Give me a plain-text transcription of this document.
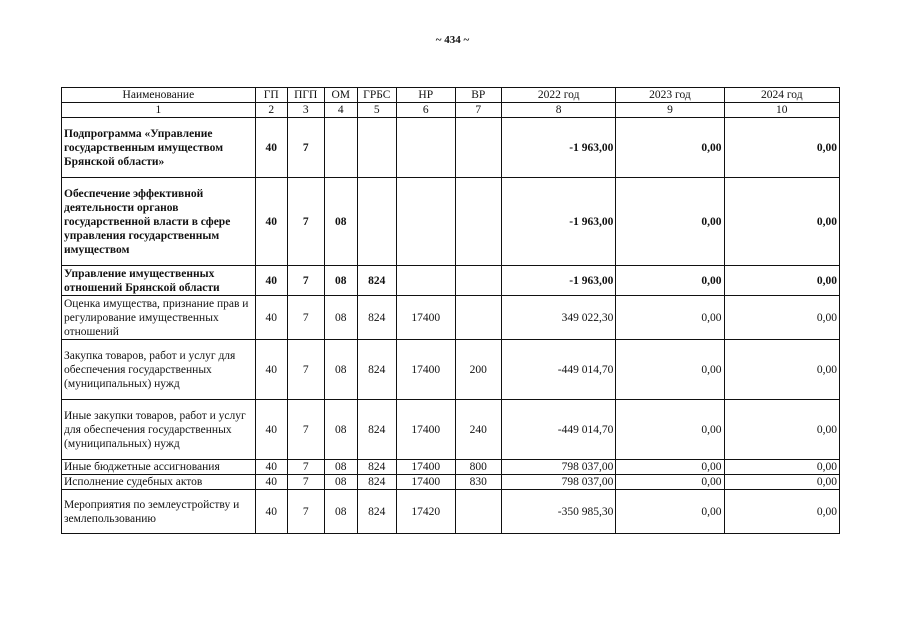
~ 434 ~
Наименование	ГП	ПГП	ОМ	ГРБС	НР	ВР	2022 год	2023 год	2024 год
1	2	3	4	5	6	7	8	9	10
Подпрограмма «Управление государственным имуществом Брянской области»	40	7					-1 963,00	0,00	0,00
Обеспечение эффективной деятельности органов государственной власти в сфере управления государственным имуществом	40	7	08				-1 963,00	0,00	0,00
Управление имущественных отношений Брянской области	40	7	08	824			-1 963,00	0,00	0,00
Оценка имущества, признание прав и регулирование имущественных отношений	40	7	08	824	17400		349 022,30	0,00	0,00
Закупка товаров, работ и услуг для обеспечения государственных (муниципальных) нужд	40	7	08	824	17400	200	-449 014,70	0,00	0,00
Иные закупки товаров, работ и услуг для обеспечения государственных (муниципальных) нужд	40	7	08	824	17400	240	-449 014,70	0,00	0,00
Иные бюджетные ассигнования	40	7	08	824	17400	800	798 037,00	0,00	0,00
Исполнение судебных актов	40	7	08	824	17400	830	798 037,00	0,00	0,00
Мероприятия по землеустройству и землепользованию	40	7	08	824	17420		-350 985,30	0,00	0,00
